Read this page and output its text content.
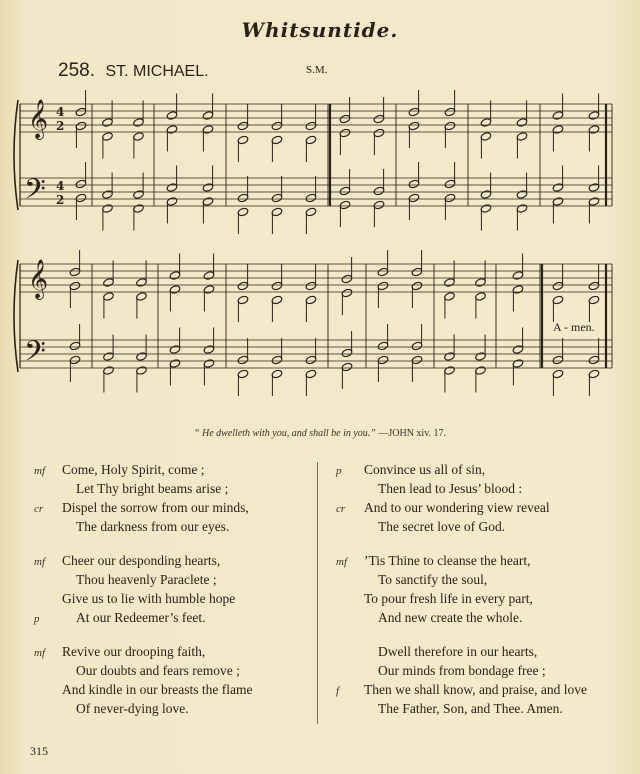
Whitsuntide.
258. ST. MICHAEL.	S.M.
𝄞
𝄢
𝄞
𝄢
4
2
4
2
A - men.
“ He dwelleth with you, and shall be in you.” —JOHN xiv. 17.
mf Come, Holy Spirit, come ;
Let Thy bright beams arise ;
cr Dispel the sorrow from our minds,
The darkness from our eyes.
mf Cheer our desponding hearts,
Thou heavenly Paraclete ;
Give us to lie with humble hope
p	At our Redeemer’s feet.
mf Revive our drooping faith,
Our doubts and fears remove ;
And kindle in our breasts the flame
Of never-dying love.
p Convince us all of sin,
Then lead to Jesus’ blood :
cr And to our wondering view reveal
The secret love of God.
mf ’Tis Thine to cleanse the heart,
To sanctify the soul,
To pour fresh life in every part,
And new create the whole.
Dwell therefore in our hearts,
Our minds from bondage free ;
f Then we shall know, and praise, and love
The Father, Son, and Thee. Amen.
315
